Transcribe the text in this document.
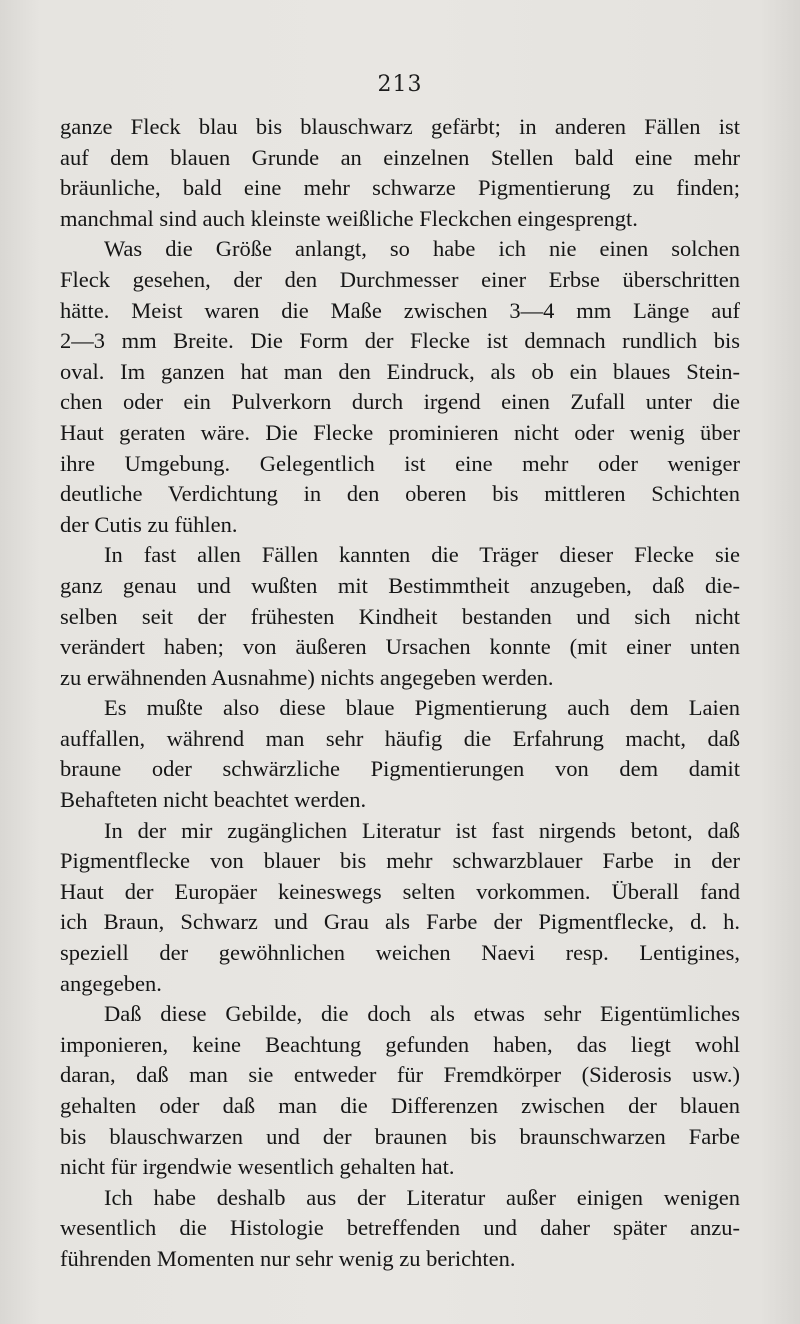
213

ganze Fleck blau bis blauschwarz gefärbt; in anderen Fällen ist
auf dem blauen Grunde an einzelnen Stellen bald eine mehr
bräunliche, bald eine mehr schwarze Pigmentierung zu finden;
manchmal sind auch kleinste weißliche Fleckchen eingesprengt.

Was die Größe anlangt, so habe ich nie einen solchen
Fleck gesehen, der den Durchmesser einer Erbse überschritten
hätte. Meist waren die Maße zwischen 3—4 mm Länge auf
2—3 mm Breite. Die Form der Flecke ist demnach rundlich bis
oval. Im ganzen hat man den Eindruck, als ob ein blaues Stein-
chen oder ein Pulverkorn durch irgend einen Zufall unter die
Haut geraten wäre. Die Flecke prominieren nicht oder wenig über
ihre Umgebung. Gelegentlich ist eine mehr oder weniger
deutliche Verdichtung in den oberen bis mittleren Schichten
der Cutis zu fühlen.

In fast allen Fällen kannten die Träger dieser Flecke sie
ganz genau und wußten mit Bestimmtheit anzugeben, daß die-
selben seit der frühesten Kindheit bestanden und sich nicht
verändert haben; von äußeren Ursachen konnte (mit einer unten
zu erwähnenden Ausnahme) nichts angegeben werden.

Es mußte also diese blaue Pigmentierung auch dem Laien
auffallen, während man sehr häufig die Erfahrung macht, daß
braune oder schwärzliche Pigmentierungen von dem damit
Behafteten nicht beachtet werden.

In der mir zugänglichen Literatur ist fast nirgends betont, daß
Pigmentflecke von blauer bis mehr schwarzblauer Farbe in der
Haut der Europäer keineswegs selten vorkommen. Überall fand
ich Braun, Schwarz und Grau als Farbe der Pigmentflecke, d. h.
speziell der gewöhnlichen weichen Naevi resp. Lentigines,
angegeben.

Daß diese Gebilde, die doch als etwas sehr Eigentümliches
imponieren, keine Beachtung gefunden haben, das liegt wohl
daran, daß man sie entweder für Fremdkörper (Siderosis usw.)
gehalten oder daß man die Differenzen zwischen der blauen
bis blauschwarzen und der braunen bis braunschwarzen Farbe
nicht für irgendwie wesentlich gehalten hat.

Ich habe deshalb aus der Literatur außer einigen wenigen
wesentlich die Histologie betreffenden und daher später anzu-
führenden Momenten nur sehr wenig zu berichten.
